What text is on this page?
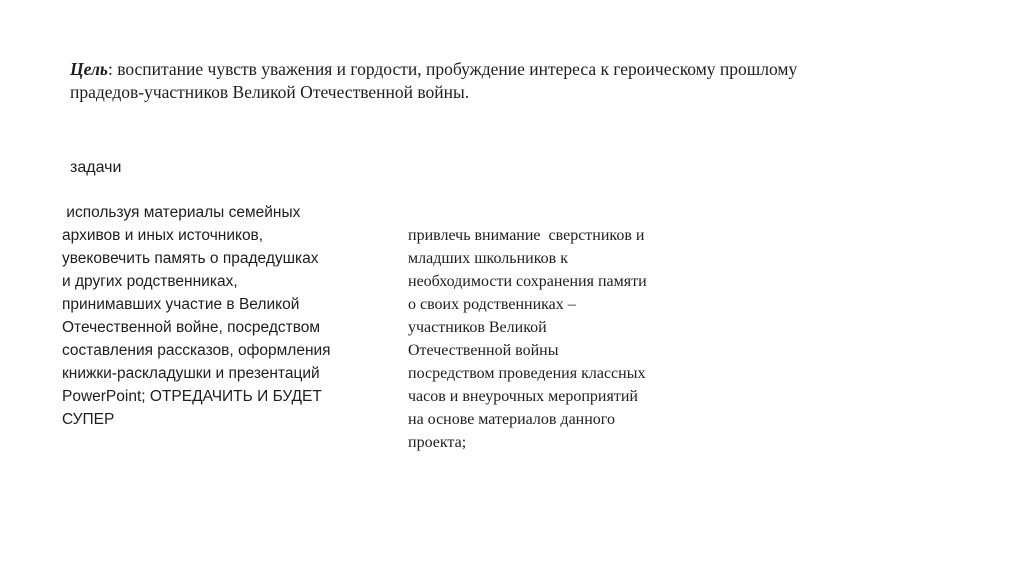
Цель: воспитание чувств уважения и гордости, пробуждение интереса к героическому прошлому
прадедов-участников Великой Отечественной войны.
задачи
используя материалы семейных
архивов и иных источников,
увековечить память о прадедушках
и других родственниках,
принимавших участие в Великой
Отечественной войне, посредством
составления рассказов, оформления
книжки-раскладушки и презентаций
PowerPoint; ОТРЕДАЧИТЬ И БУДЕТ
СУПЕР
привлечь внимание  сверстников и
младших школьников к
необходимости сохранения памяти
о своих родственниках –
участников Великой
Отечественной войны
посредством проведения классных
часов и внеурочных мероприятий
на основе материалов данного
проекта;
